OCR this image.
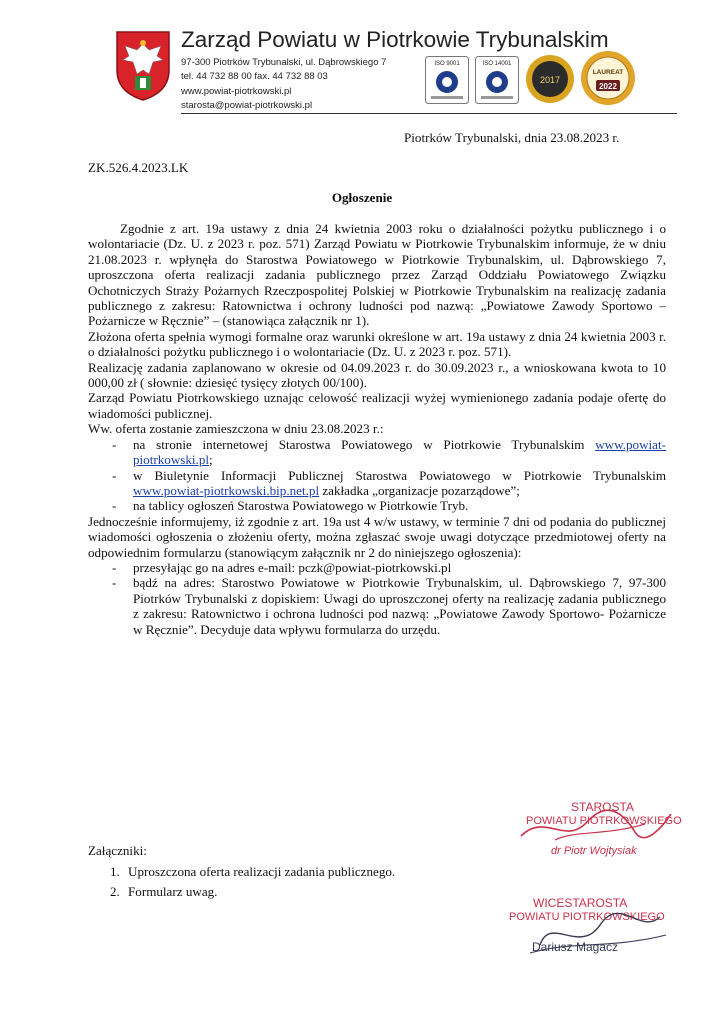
Zarząd Powiatu w Piotrkowie Trybunalskim
97-300 Piotrków Trybunalski, ul. Dąbrowskiego 7
tel. 44 732 88 00 fax. 44 732 88 03
www.powiat-piotrkowski.pl
starosta@powiat-piotrkowski.pl
ISO 9001	ISO 14001
2017
LAUREAT
2022
Piotrków Trybunalski, dnia 23.08.2023 r.
ZK.526.4.2023.LK
Ogłoszenie

Zgodnie z art. 19a ustawy z dnia 24 kwietnia 2003 roku o działalności pożytku publicznego i o wolontariacie (Dz. U. z 2023 r. poz. 571) Zarząd Powiatu w Piotrkowie Trybunalskim informuje, że w dniu 21.08.2023 r. wpłynęła do Starostwa Powiatowego w Piotrkowie Trybunalskim, ul. Dąbrowskiego 7, uproszczona oferta realizacji zadania publicznego przez Zarząd Oddziału Powiatowego Związku Ochotniczych Straży Pożarnych Rzeczpospolitej Polskiej w Piotrkowie Trybunalskim na realizację zadania publicznego z zakresu: Ratownictwa i ochrony ludności pod nazwą: „Powiatowe Zawody Sportowo – Pożarnicze w Ręcznie” – (stanowiąca załącznik nr 1).

Złożona oferta spełnia wymogi formalne oraz warunki określone w art. 19a ustawy z dnia 24 kwietnia 2003 r. o działalności pożytku publicznego i o wolontariacie (Dz. U. z 2023 r. poz. 571).

Realizację zadania zaplanowano w okresie od 04.09.2023 r. do 30.09.2023 r., a wnioskowana kwota to 10 000,00 zł ( słownie: dziesięć tysięcy złotych 00/100).

Zarząd Powiatu Piotrkowskiego uznając celowość realizacji wyżej wymienionego zadania podaje ofertę do wiadomości publicznej.

Ww. oferta zostanie zamieszczona w dniu 23.08.2023 r.:

- na stronie internetowej Starostwa Powiatowego w Piotrkowie Trybunalskim www.powiat-piotrkowski.pl;
- w Biuletynie Informacji Publicznej Starostwa Powiatowego w Piotrkowie Trybunalskim www.powiat-piotrkowski.bip.net.pl zakładka „organizacje pozarządowe”;
- na tablicy ogłoszeń Starostwa Powiatowego w Piotrkowie Tryb.

Jednocześnie informujemy, iż zgodnie z art. 19a ust 4 w/w ustawy, w terminie 7 dni od podania do publicznej wiadomości ogłoszenia o złożeniu oferty, można zgłaszać swoje uwagi dotyczące przedmiotowej oferty na odpowiednim formularzu (stanowiącym załącznik nr 2 do niniejszego ogłoszenia):

- przesyłając go na adres e-mail: pczk@powiat-piotrkowski.pl
- bądź na adres: Starostwo Powiatowe w Piotrkowie Trybunalskim, ul. Dąbrowskiego 7, 97-300 Piotrków Trybunalski z dopiskiem: Uwagi do uproszczonej oferty na realizację zadania publicznego z zakresu: Ratownictwo i ochrona ludności pod nazwą: „Powiatowe Zawody Sportowo- Pożarnicze w Ręcznie”. Decyduje data wpływu formularza do urzędu.
Załączniki:
1. Uproszczona oferta realizacji zadania publicznego.
2. Formularz uwag.
STAROSTA
POWIATU PIOTRKOWSKIEGO
dr Piotr Wojtysiak
WICESTAROSTA
POWIATU PIOTRKOWSKIEGO
Dariusz Magacz
